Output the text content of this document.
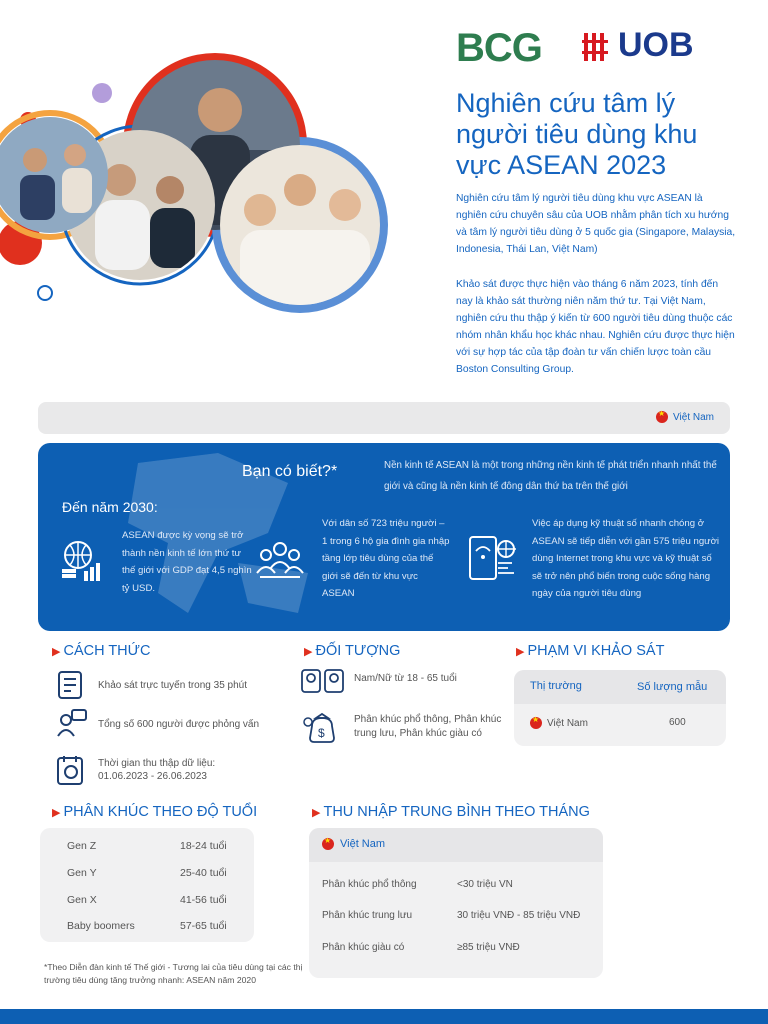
BCG UOB
Nghiên cứu tâm lý người tiêu dùng khu vực ASEAN 2023

Nghiên cứu tâm lý người tiêu dùng khu vực ASEAN là nghiên cứu chuyên sâu của UOB nhằm phân tích xu hướng và tâm lý người tiêu dùng ở 5 quốc gia (Singapore, Malaysia, Indonesia, Thái Lan, Việt Nam)

Khảo sát được thực hiện vào tháng 6 năm 2023, tính đến nay là khảo sát thường niên năm thứ tư. Tại Việt Nam, nghiên cứu thu thập ý kiến từ 600 người tiêu dùng thuộc các nhóm nhân khẩu học khác nhau. Nghiên cứu được thực hiện với sự hợp tác của tập đoàn tư vấn chiến lược toàn cầu Boston Consulting Group.

★
Việt Nam
Bạn có biết?*	Nền kinh tế ASEAN là một trong những nền kinh tế phát triển nhanh nhất thế giới và cũng là nền kinh tế đông dân thứ ba trên thế giới
Đến năm 2030:

ASEAN được kỳ vọng sẽ trở thành nền kinh tế lớn thứ tư thế giới với GDP đạt 4,5 nghìn tỷ USD.

Với dân số 723 triệu người – 1 trong 6 hộ gia đình gia nhập tầng lớp tiêu dùng của thế giới sẽ đến từ khu vực ASEAN

Việc áp dụng kỹ thuật số nhanh chóng ở ASEAN sẽ tiếp diễn với gần 575 triệu người dùng Internet trong khu vực và kỹ thuật số sẽ trở nên phổ biến trong cuộc sống hàng ngày của người tiêu dùng

▶ CÁCH THỨC
Khảo sát trực tuyến trong 35 phút
Tổng số 600 người được phỏng vấn
Thời gian thu thập dữ liệu:
01.06.2023 - 26.06.2023
▶ ĐỐI TƯỢNG
Nam/Nữ từ 18 - 65 tuổi
$
Phân khúc phổ thông, Phân khúc trung lưu, Phân khúc giàu có
▶ PHẠM VI KHẢO SÁT
Thị trường	Số lượng mẫu
★
Việt Nam	600
▶ PHÂN KHÚC THEO ĐỘ TUỔI
Gen Z	18-24 tuổi
Gen Y	25-40 tuổi
Gen X	41-56 tuổi
Baby boomers	57-65 tuổi
▶ THU NHẬP TRUNG BÌNH THEO THÁNG
★
Việt Nam
Phân khúc phổ thông	<30 triệu VN
Phân khúc trung lưu	30 triệu VNĐ - 85 triệu VNĐ
Phân khúc giàu có	≥85 triệu VNĐ

*Theo Diễn đàn kinh tế Thế giới - Tương lai của tiêu dùng tại các thị trường tiêu dùng tăng trưởng nhanh: ASEAN năm 2020
